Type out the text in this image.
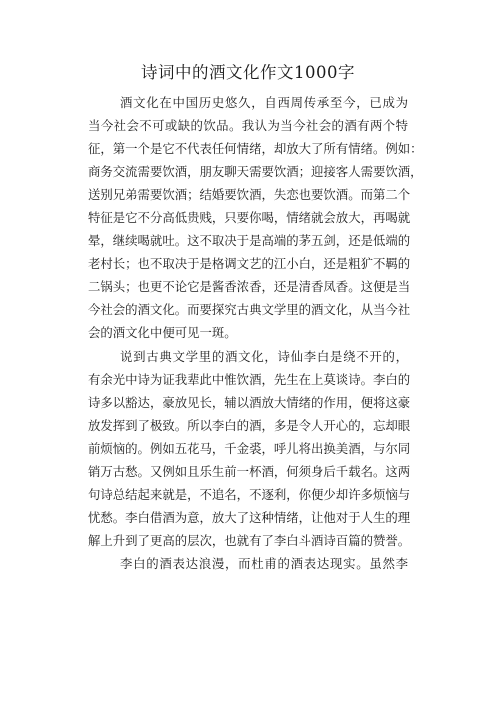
诗词中的酒文化作文1000字
酒文化在中国历史悠久，自西周传承至今，已成为
当今社会不可或缺的饮品。我认为当今社会的酒有两个特
征，第一个是它不代表任何情绪，却放大了所有情绪。例如：
商务交流需要饮酒，朋友聊天需要饮酒；迎接客人需要饮酒，
送别兄弟需要饮酒；结婚要饮酒，失恋也要饮酒。而第二个
特征是它不分高低贵贱，只要你喝，情绪就会放大，再喝就
晕，继续喝就吐。这不取决于是高端的茅五剑，还是低端的
老村长；也不取决于是格调文艺的江小白，还是粗犷不羁的
二锅头；也更不论它是酱香浓香，还是清香凤香。这便是当
今社会的酒文化。而要探究古典文学里的酒文化，从当今社
会的酒文化中便可见一斑。
说到古典文学里的酒文化，诗仙李白是绕不开的，
有余光中诗为证我辈此中惟饮酒，先生在上莫谈诗。李白的
诗多以豁达，豪放见长，辅以酒放大情绪的作用，便将这豪
放发挥到了极致。所以李白的酒，多是令人开心的，忘却眼
前烦恼的。例如五花马，千金裘，呼儿将出换美酒，与尔同
销万古愁。又例如且乐生前一杯酒，何须身后千载名。这两
句诗总结起来就是，不追名，不逐利，你便少却许多烦恼与
忧愁。李白借酒为意，放大了这种情绪，让他对于人生的理
解上升到了更高的层次，也就有了李白斗酒诗百篇的赞誉。
李白的酒表达浪漫，而杜甫的酒表达现实。虽然李
